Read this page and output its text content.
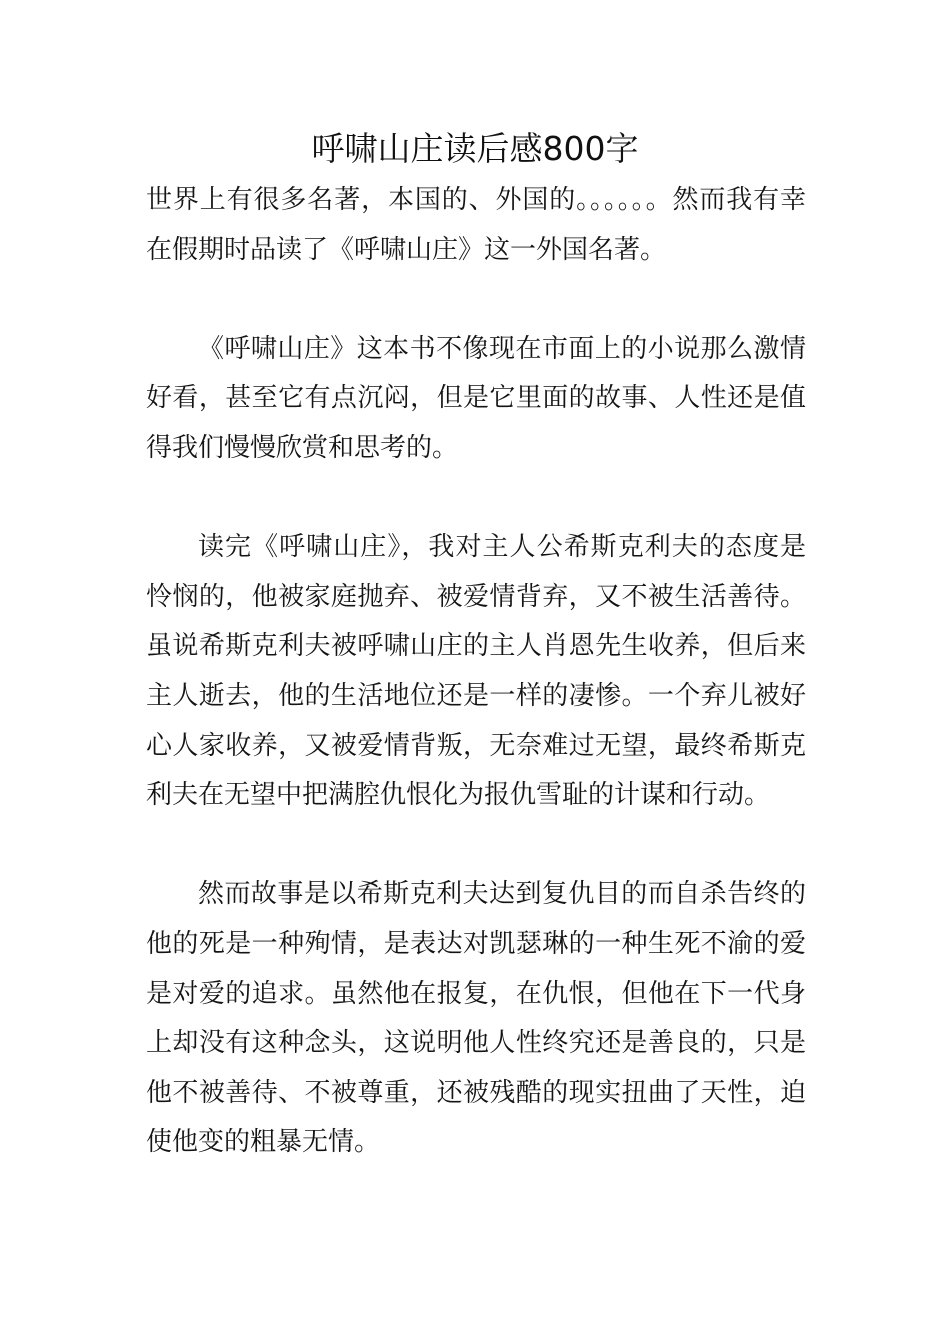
呼啸山庄读后感800字

世界上有很多名著，本国的、外国的。。。。。。然而我有幸在假期时品读了《呼啸山庄》这一外国名著。

《呼啸山庄》这本书不像现在市面上的小说那么激情好看，甚至它有点沉闷，但是它里面的故事、人性还是值得我们慢慢欣赏和思考的。

读完《呼啸山庄》，我对主人公希斯克利夫的态度是怜悯的，他被家庭抛弃、被爱情背弃，又不被生活善待。虽说希斯克利夫被呼啸山庄的主人肖恩先生收养，但后来主人逝去，他的生活地位还是一样的凄惨。一个弃儿被好心人家收养，又被爱情背叛，无奈难过无望，最终希斯克利夫在无望中把满腔仇恨化为报仇雪耻的计谋和行动。

然而故事是以希斯克利夫达到复仇目的而自杀告终的他的死是一种殉情，是表达对凯瑟琳的一种生死不渝的爱是对爱的追求。虽然他在报复，在仇恨，但他在下一代身上却没有这种念头，这说明他人性终究还是善良的，只是他不被善待、不被尊重，还被残酷的现实扭曲了天性，迫使他变的粗暴无情。
